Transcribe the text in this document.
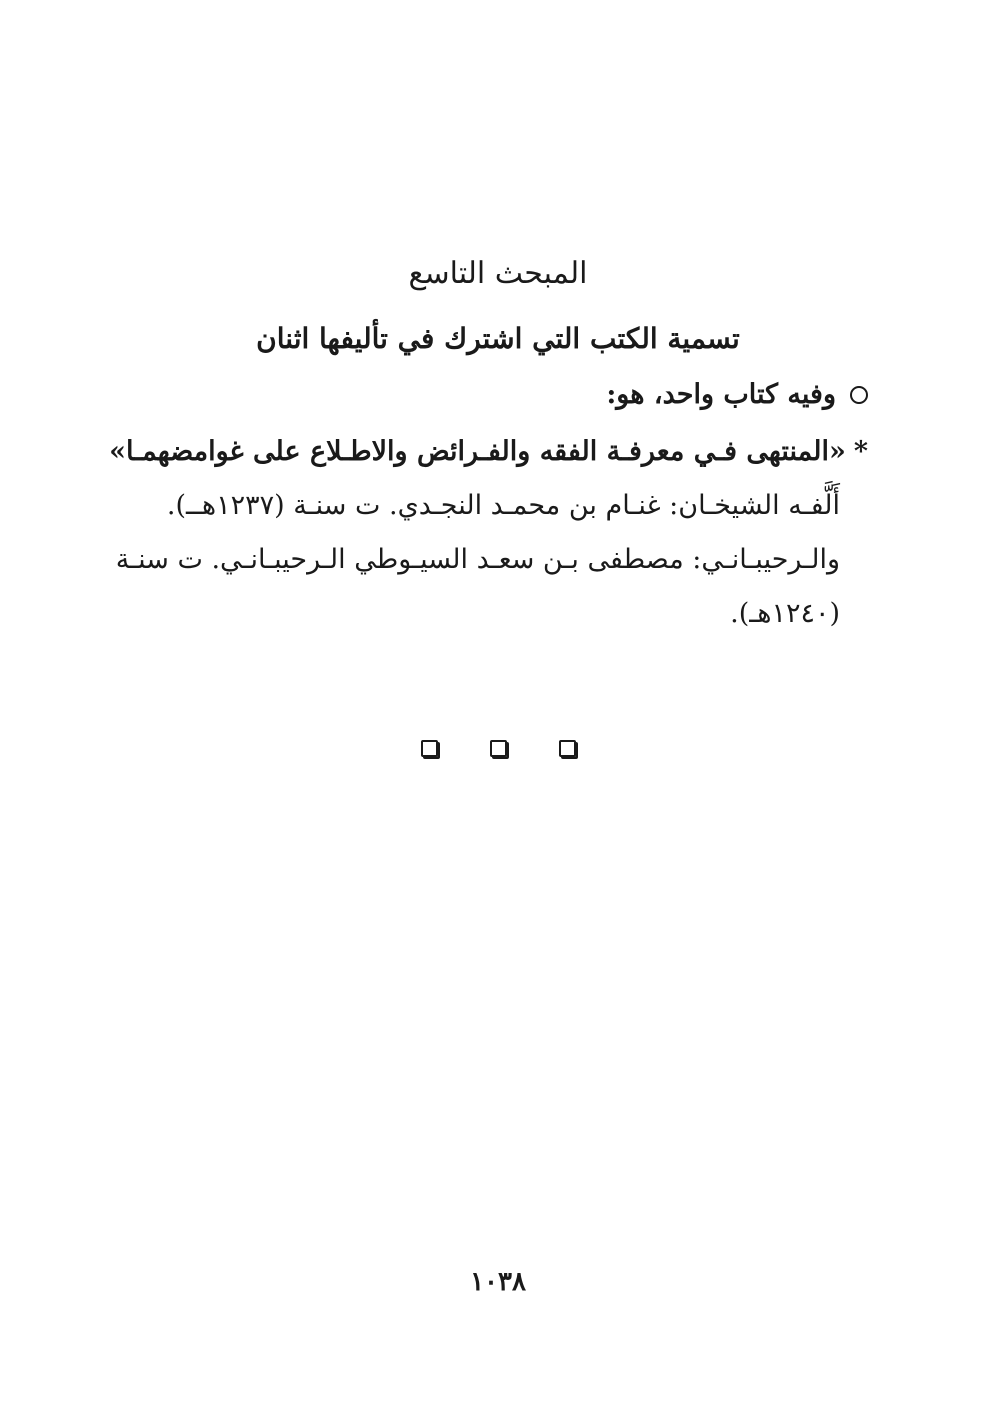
المبحث التاسع
تسمية الكتب التي اشترك في تأليفها اثنان
وفيه كتاب واحد، هو:
*«المنتهى فـي معرفـة الفقه والفـرائض والاطـلاع على غوامضهمـا»
أَلَّفـه الشيخـان: غنـام بن محمـد النجـدي. ت سنـة (١٢٣٧هــ).
والـرحيبـانـي: مصطفى بـن سعـد السيـوطي الـرحيبـانـي. ت سنـة
(١٢٤٠هـ).
١٠٣٨
